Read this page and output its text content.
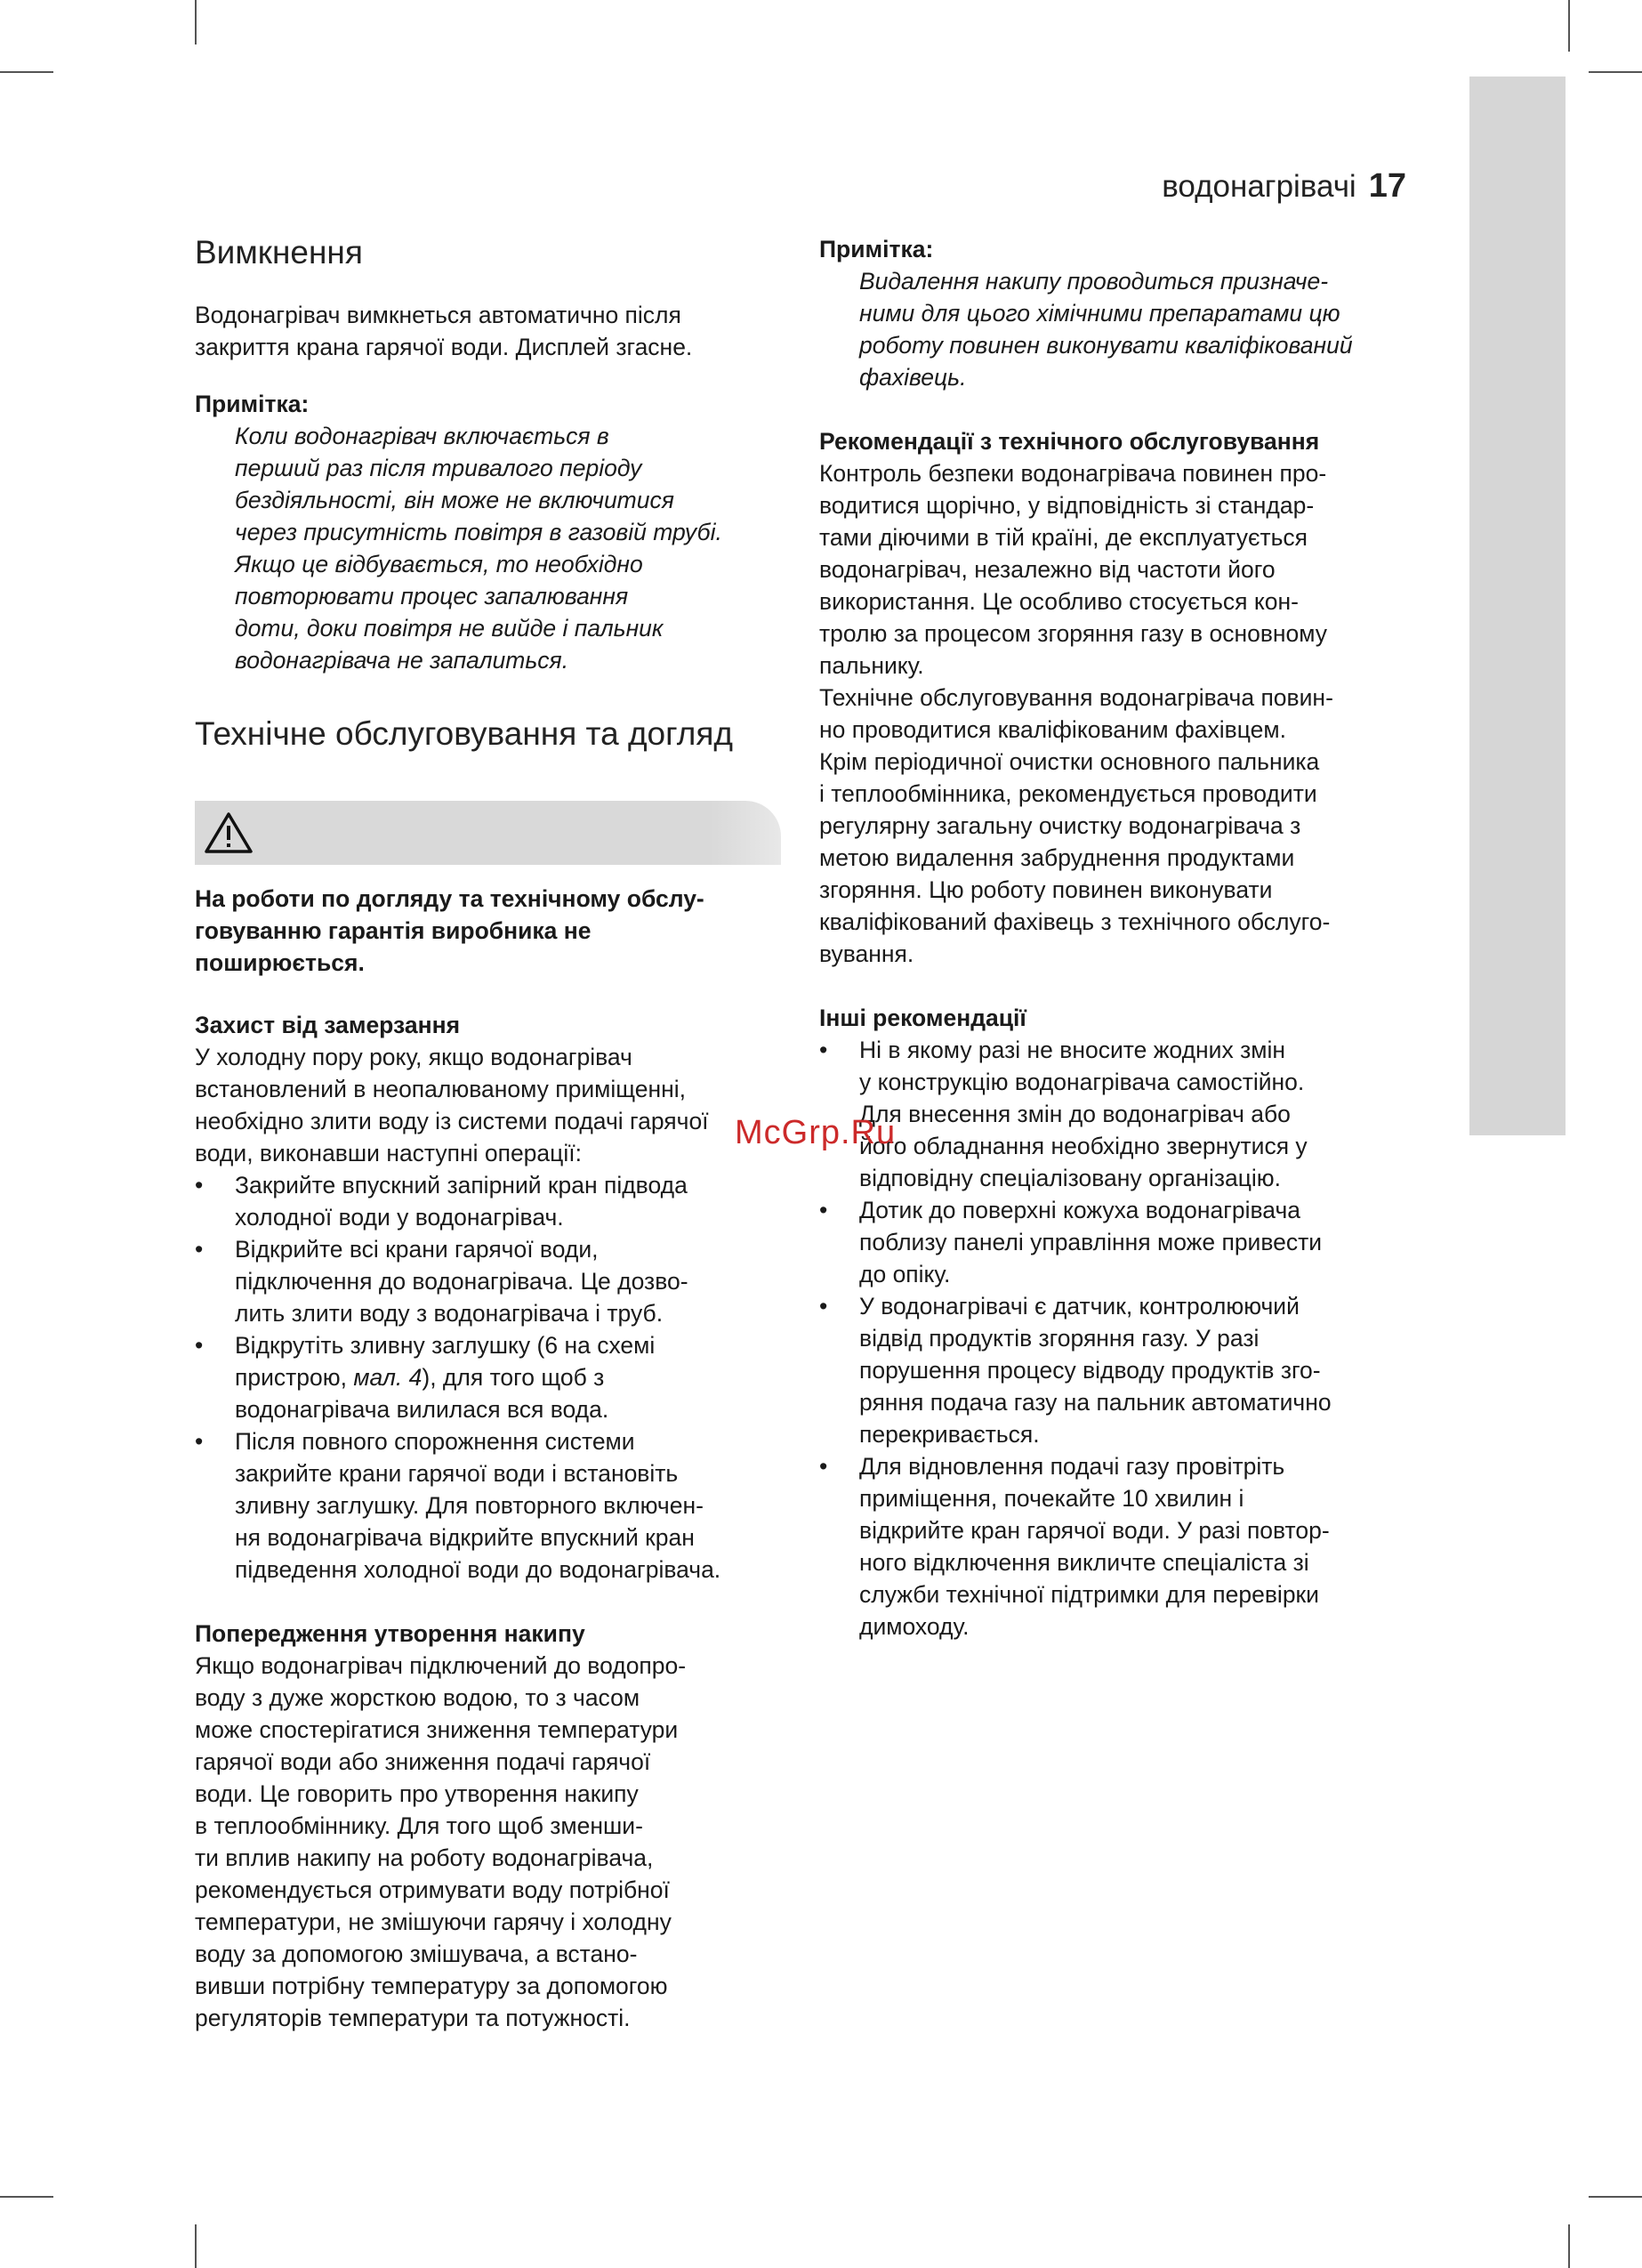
водонагрівачі 17
Вимкнення
Водонагрівач вимкнеться автоматично після
закриття крана гарячої води. Дисплей згасне.
Примітка:
Коли водонагрівач включається в
перший раз після тривалого періоду
бездіяльності, він може не включитися
через присутність повітря в газовій трубі.
Якщо це відбувається, то необхідно
повторювати процес запалювання
доти, доки повітря не вийде і пальник
водонагрівача не запалиться.
Технічне обслуговування та догляд
На роботи по догляду та технічному обслу-
говуванню гарантія виробника не
поширюється.
Захист від замерзання
У холодну пору року, якщо водонагрівач
встановлений в неопалюваному приміщенні,
необхідно злити воду із системи подачі гарячої
води, виконавши наступні операції:
• Закрийте впускний запірний кран підвода
холодної води у водонагрівач.
• Відкрийте всі крани гарячої води,
підключення до водонагрівача. Це дозво-
лить злити воду з водонагрівача і труб.
• Відкрутіть зливну заглушку (6 на схемі
пристрою, мал. 4), для того щоб з
водонагрівача вилилася вся вода.
• Після повного спорожнення системи
закрийте крани гарячої води і встановіть
зливну заглушку. Для повторного включен-
ня водонагрівача відкрийте впускний кран
підведення холодної води до водонагрівача.
Попередження утворення накипу
Якщо водонагрівач підключений до водопро-
воду з дуже жорсткою водою, то з часом
може спостерігатися зниження температури
гарячої води або зниження подачі гарячої
води. Це говорить про утворення накипу
в теплообміннику. Для того щоб зменши-
ти вплив накипу на роботу водонагрівача,
рекомендується отримувати воду потрібної
температури, не змішуючи гарячу і холодну
воду за допомогою змішувача, а встано-
вивши потрібну температуру за допомогою
регуляторів температури та потужності.
Примітка:
Видалення накипу проводиться призначе-
ними для цього хімічними препаратами цю
роботу повинен виконувати кваліфікований
фахівець.
Рекомендації з технічного обслуговування
Контроль безпеки водонагрівача повинен про-
водитися щорічно, у відповідність зі стандар-
тами діючими в тій країні, де експлуатується
водонагрівач, незалежно від частоти його
використання. Це особливо стосується кон-
тролю за процесом згоряння газу в основному
пальнику.
Технічне обслуговування водонагрівача повин-
но проводитися кваліфікованим фахівцем.
Крім періодичної очистки основного пальника
і теплообмінника, рекомендується проводити
регулярну загальну очистку водонагрівача з
метою видалення забруднення продуктами
згоряння. Цю роботу повинен виконувати
кваліфікований фахівець з технічного обслуго-
вування.
Інші рекомендації
• Ні в якому разі не вносите жодних змін
у конструкцію водонагрівача самостійно.
Для внесення змін до водонагрівач або
його обладнання необхідно звернутися у
відповідну спеціалізовану організацію.
• Дотик до поверхні кожуха водонагрівача
поблизу панелі управління може привести
до опіку.
• У водонагрівачі є датчик, контролюючий
відвід продуктів згоряння газу. У разі
порушення процесу відводу продуктів зго-
ряння подача газу на пальник автоматично
перекривається.
• Для відновлення подачі газу провітріть
приміщення, почекайте 10 хвилин і
відкрийте кран гарячої води. У разі повтор-
ного відключення викличте спеціаліста зі
служби технічної підтримки для перевірки
димоходу.
McGrp.Ru
